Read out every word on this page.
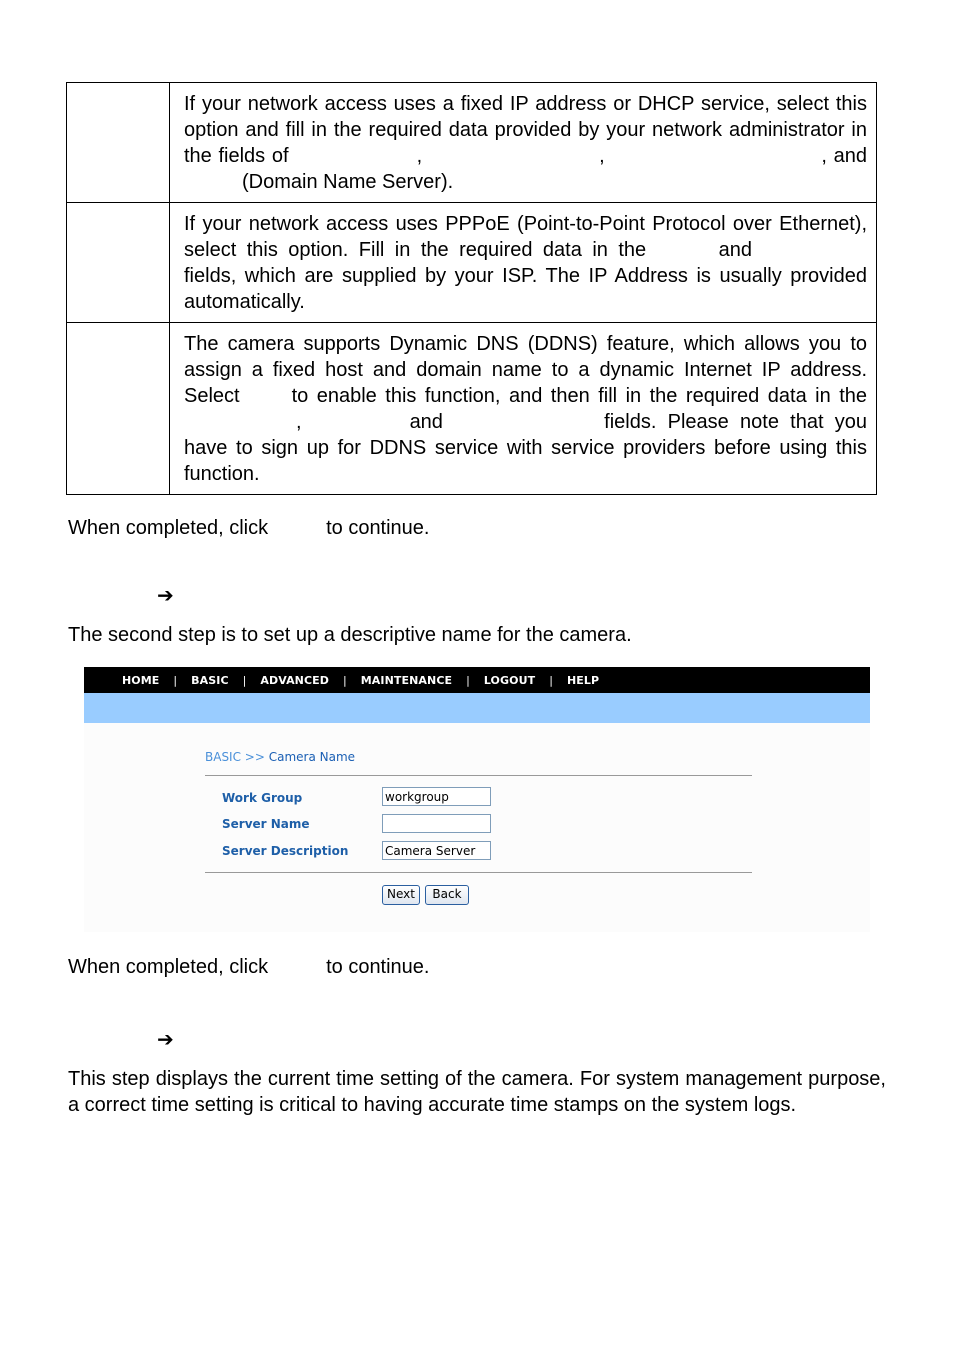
	If your network access uses a fixed IP address or DHCP service, select this option and fill in the required data provided by your network administrator in the fields of , , , and(Domain Name Server).

	If your network access uses PPPoE (Point-to-Point Protocol over Ethernet), select this option. Fill in the required data in the andfields, which are supplied by your ISP. The IP Address is usually provided automatically.

	The camera supports Dynamic DNS (DDNS) feature, which allows you to assign a fixed host and domain name to a dynamic Internet IP address. Select to enable this function, and then fill in the required data in the, and fields. Please note that you have to sign up for DDNS service with service providers before using this function.

When completed, click	to continue.

➔

The second step is to set up a descriptive name for the camera.

HOME | BASIC | ADVANCED | MAINTENANCE | LOGOUT | HELP
BASIC >> Camera Name
Work Group	workgroup
Server Name
Server Description	Camera Server
Next	Back

When completed, click	to continue.

➔

This step displays the current time setting of the camera. For system management purpose, a correct time setting is critical to having accurate time stamps on the system logs.
